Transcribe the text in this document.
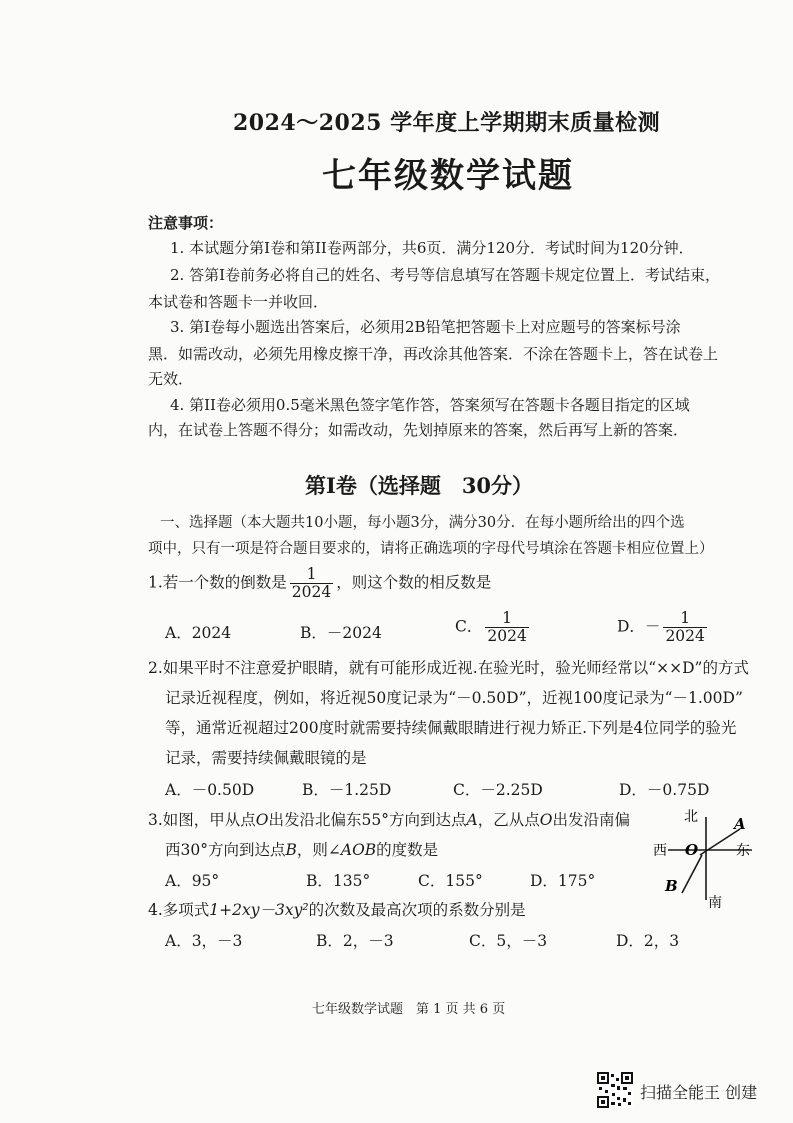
2024～2025 学年度上学期期末质量检测
七年级数学试题
注意事项：
1. 本试题分第Ⅰ卷和第II卷两部分，共6页．满分120分．考试时间为120分钟．
2. 答第Ⅰ卷前务必将自己的姓名、考号等信息填写在答题卡规定位置上．考试结束，
本试卷和答题卡一并收回．
3. 第Ⅰ卷每小题选出答案后，必须用2B铅笔把答题卡上对应题号的答案标号涂
黑．如需改动，必须先用橡皮擦干净，再改涂其他答案．不涂在答题卡上，答在试卷上
无效．
4. 第II卷必须用0.5毫米黑色签字笔作答，答案须写在答题卡各题目指定的区域
内，在试卷上答题不得分；如需改动，先划掉原来的答案，然后再写上新的答案．
第Ⅰ卷（选择题　30分）
一、选择题（本大题共10小题，每小题3分，满分30分．在每小题所给出的四个选
项中，只有一项是符合题目要求的，请将正确选项的字母代号填涂在答题卡相应位置上）
1.若一个数的倒数是 $\frac{1}{2024}$ ，则这个数的相反数是
A．2024	B．－2024	C． $\frac{1}{2024}$	D．－ $\frac{1}{2024}$
2.如果平时不注意爱护眼睛，就有可能形成近视.在验光时，验光师经常以“××D”的方式
记录近视程度，例如，将近视50度记录为“－0.50D”，近视100度记录为“－1.00D”
等，通常近视超过200度时就需要持续佩戴眼睛进行视力矫正.下列是4位同学的验光
记录，需要持续佩戴眼镜的是
A．－0.50D	B．－1.25D	C．－2.25D	D．－0.75D
3.如图，甲从点O出发沿北偏东55°方向到达点A，乙从点O出发沿南偏
西30°方向到达点B，则∠AOB的度数是
A．95°	B．135°	C．155°	D．175°
北
南
西	东
O
A
B
4.多项式1+2xy－3xy²的次数及最高次项的系数分别是
A．3，－3	B．2，－3	C．5，－3	D．2，3
七年级数学试题　第 1 页 共 6 页
扫描全能王 创建
